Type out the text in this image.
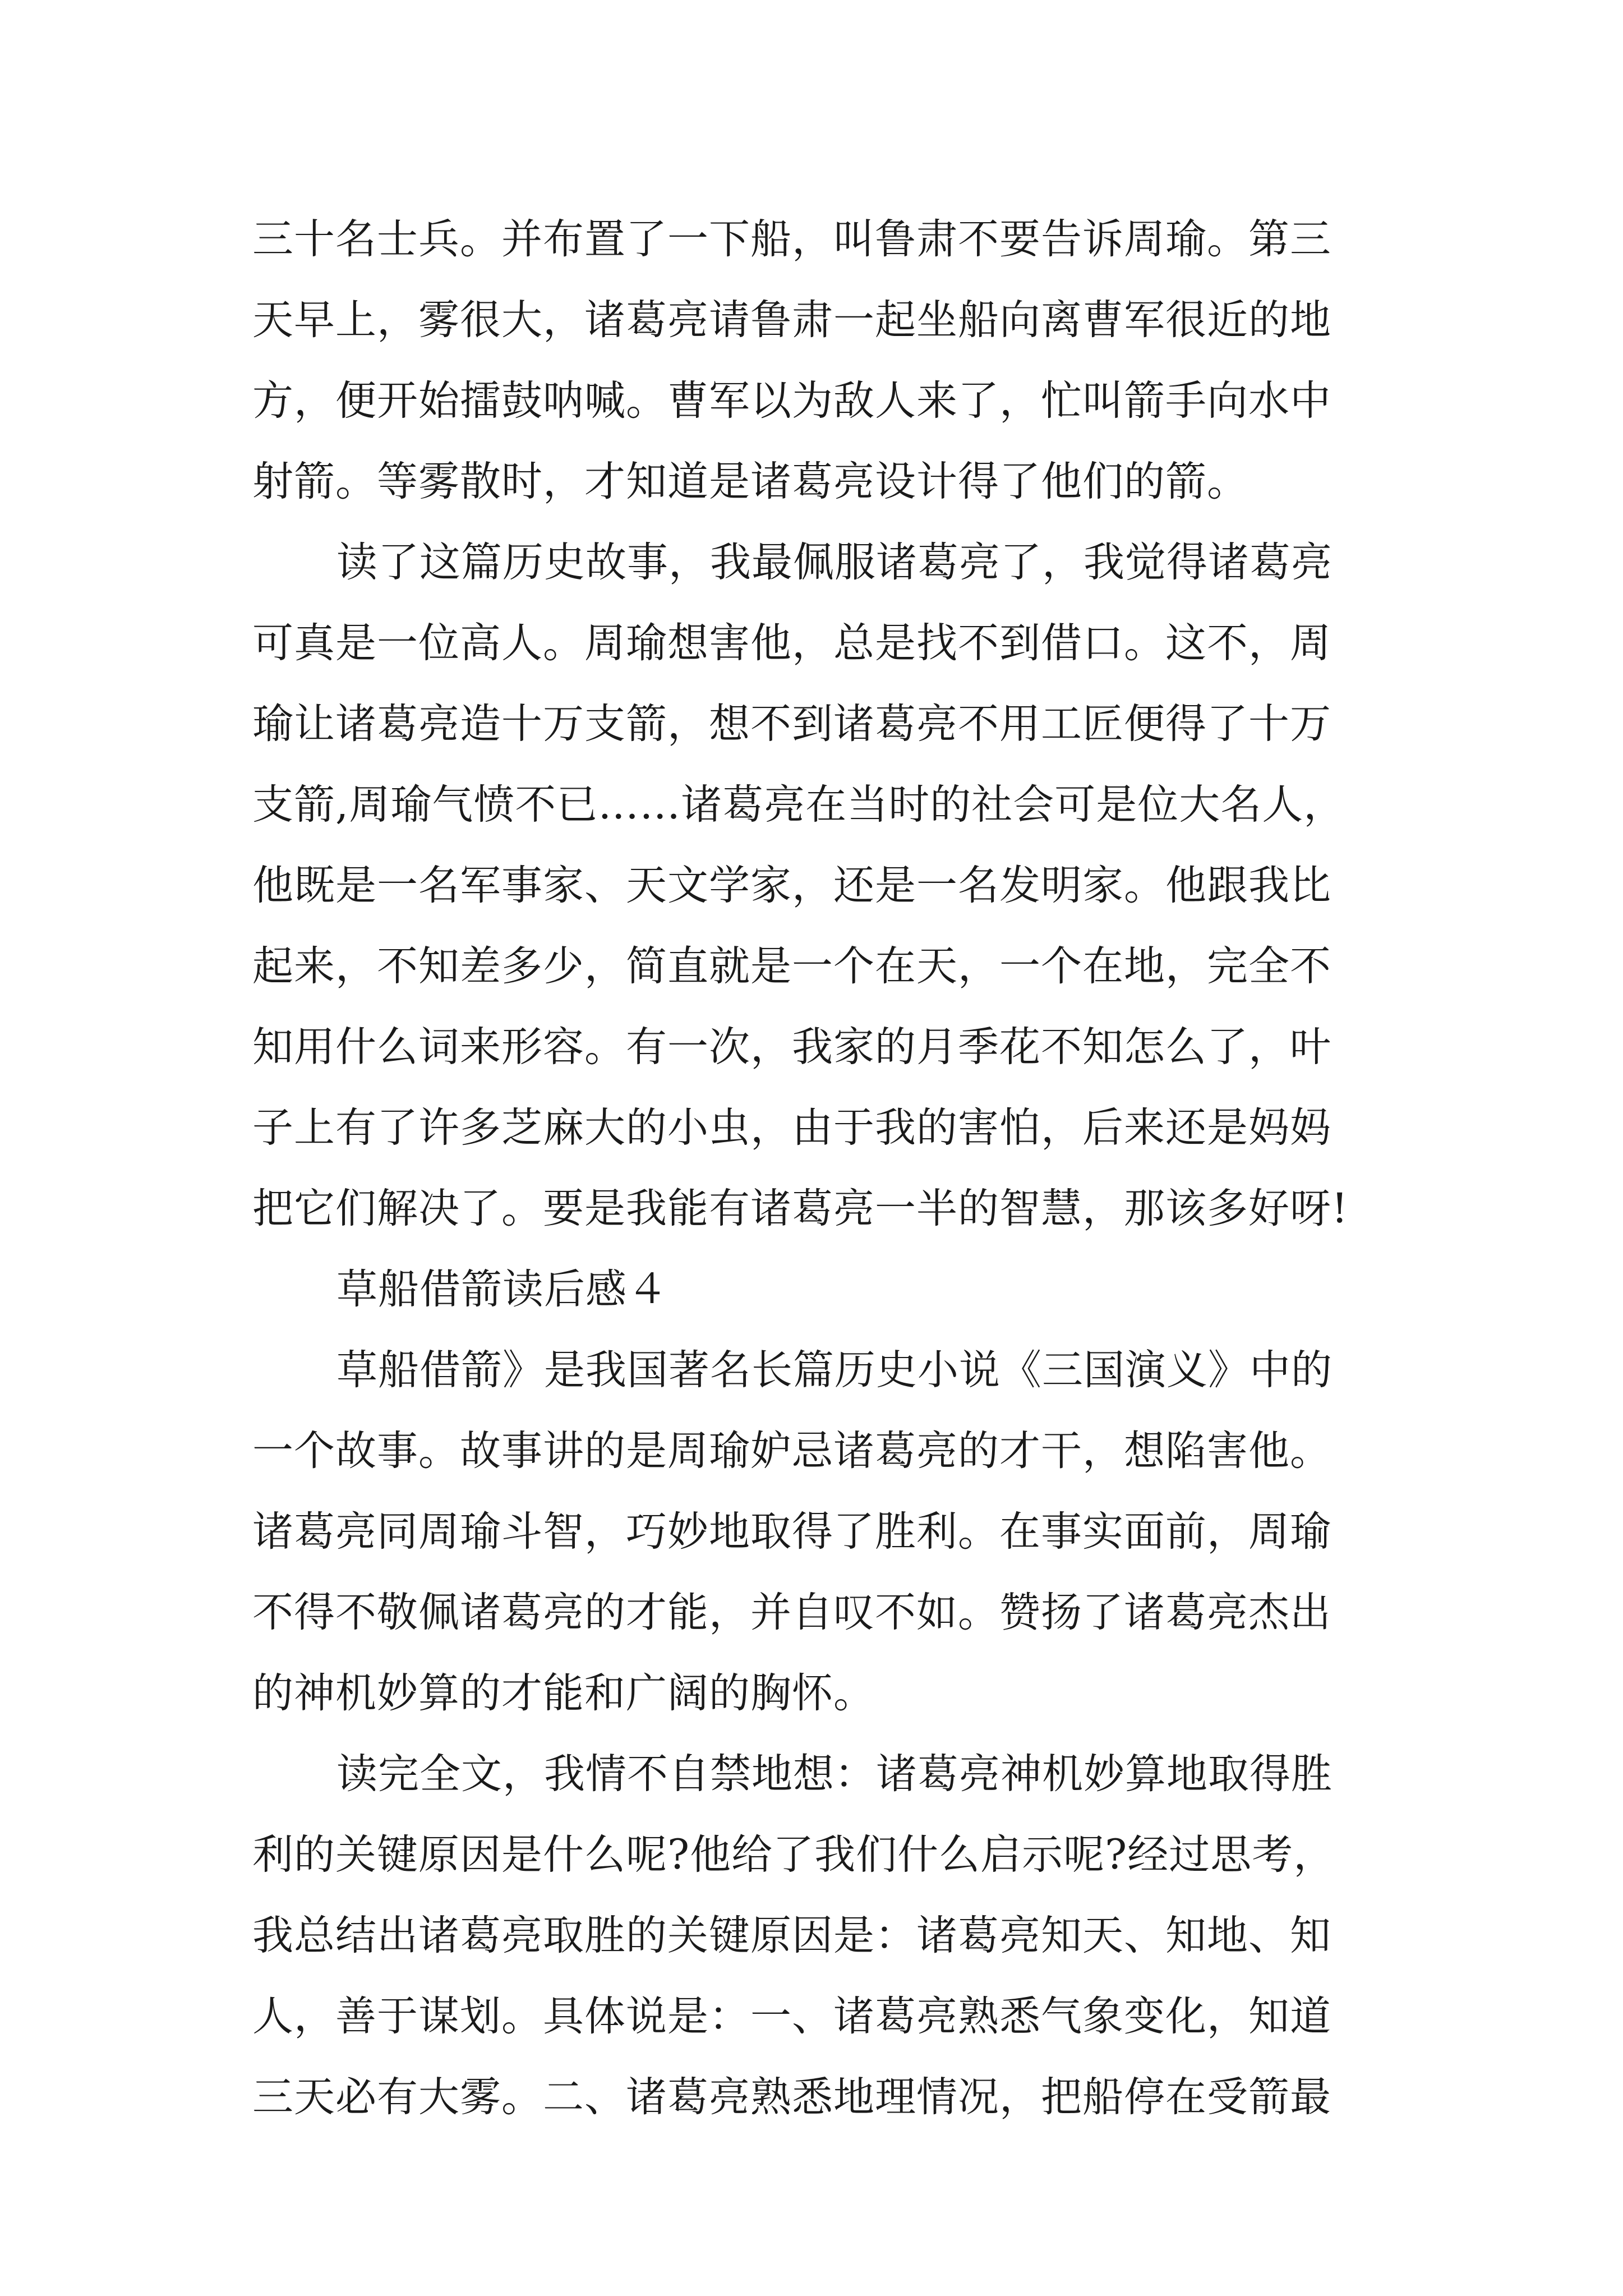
三十名士兵。并布置了一下船，叫鲁肃不要告诉周瑜。第三
天早上，雾很大，诸葛亮请鲁肃一起坐船向离曹军很近的地
方，便开始擂鼓呐喊。曹军以为敌人来了，忙叫箭手向水中
射箭。等雾散时，才知道是诸葛亮设计得了他们的箭。
读了这篇历史故事，我最佩服诸葛亮了，我觉得诸葛亮
可真是一位高人。周瑜想害他，总是找不到借口。这不，周
瑜让诸葛亮造十万支箭，想不到诸葛亮不用工匠便得了十万
支箭,周瑜气愤不已……诸葛亮在当时的社会可是位大名人，
他既是一名军事家、天文学家，还是一名发明家。他跟我比
起来，不知差多少，简直就是一个在天，一个在地，完全不
知用什么词来形容。有一次，我家的月季花不知怎么了，叶
子上有了许多芝麻大的小虫，由于我的害怕，后来还是妈妈
把它们解决了。要是我能有诸葛亮一半的智慧，那该多好呀!
草船借箭读后感４
草船借箭》是我国著名长篇历史小说《三国演义》中的
一个故事。故事讲的是周瑜妒忌诸葛亮的才干，想陷害他。
诸葛亮同周瑜斗智，巧妙地取得了胜利。在事实面前，周瑜
不得不敬佩诸葛亮的才能，并自叹不如。赞扬了诸葛亮杰出
的神机妙算的才能和广阔的胸怀。
读完全文，我情不自禁地想：诸葛亮神机妙算地取得胜
利的关键原因是什么呢?他给了我们什么启示呢?经过思考，
我总结出诸葛亮取胜的关键原因是：诸葛亮知天、知地、知
人，善于谋划。具体说是：一、诸葛亮熟悉气象变化，知道
三天必有大雾。二、诸葛亮熟悉地理情况，把船停在受箭最
